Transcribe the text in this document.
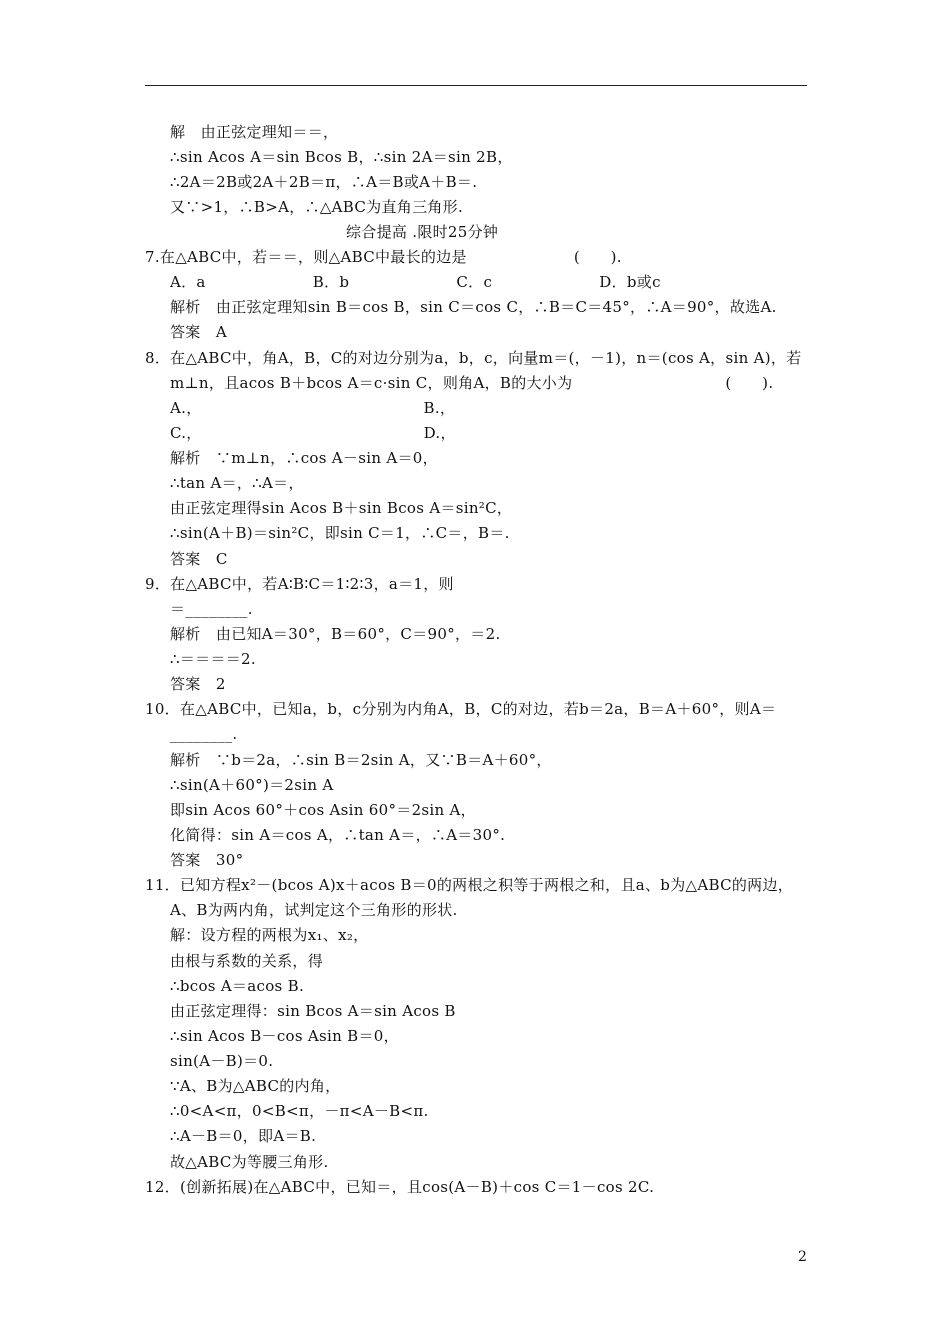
解　由正弦定理知＝＝，
∴sin Acos A＝sin Bcos B，∴sin 2A＝sin 2B，
∴2A＝2B或2A＋2B＝π，∴A＝B或A＋B＝.
又∵>1，∴B>A，∴△ABC为直角三角形.
综合提高 .限时25分钟
7.在△ABC中，若＝＝，则△ABC中最长的边是　　　　　　　(　　).
A．a　　　　　　　B．b　　　　　　　C．c　　　　　　　D．b或c
解析　由正弦定理知sin B＝cos B，sin C＝cos C，∴B＝C＝45°，∴A＝90°，故选A.
答案　A
8．在△ABC中，角A，B，C的对边分别为a，b，c，向量m＝(，－1)，n＝(cos A，sin A)，若
m⊥n，且acos B＋bcos A＝c·sin C，则角A，B的大小为　　　　　　　　　　(　　).
A.，　　　　　　　　　　　　　　　B.，
C.，　　　　　　　　　　　　　　　D.，
解析　∵m⊥n，∴cos A－sin A＝0，
∴tan A＝，∴A＝，
由正弦定理得sin Acos B＋sin Bcos A＝sin²C，
∴sin(A＋B)＝sin²C，即sin C＝1，∴C＝，B＝.
答案　C
9．在△ABC中，若A∶B∶C＝1∶2∶3，a＝1，则
＝________.
解析　由已知A＝30°，B＝60°，C＝90°，＝2.
∴＝＝＝＝2.
答案　2
10．在△ABC中，已知a，b，c分别为内角A，B，C的对边，若b＝2a，B＝A＋60°，则A＝
________.
解析　∵b＝2a，∴sin B＝2sin A，又∵B＝A＋60°，
∴sin(A＋60°)＝2sin A
即sin Acos 60°＋cos Asin 60°＝2sin A，
化简得：sin A＝cos A，∴tan A＝，∴A＝30°.
答案　30°
11．已知方程x²－(bcos A)x＋acos B＝0的两根之积等于两根之和，且a、b为△ABC的两边，
A、B为两内角，试判定这个三角形的形状.
解：设方程的两根为x₁、x₂，
由根与系数的关系，得
∴bcos A＝acos B.
由正弦定理得：sin Bcos A＝sin Acos B
∴sin Acos B－cos Asin B＝0，
sin(A－B)＝0.
∵A、B为△ABC的内角，
∴0<A<π，0<B<π，－π<A－B<π.
∴A－B＝0，即A＝B.
故△ABC为等腰三角形.
12．(创新拓展)在△ABC中，已知＝，且cos(A－B)＋cos C＝1－cos 2C.
2
